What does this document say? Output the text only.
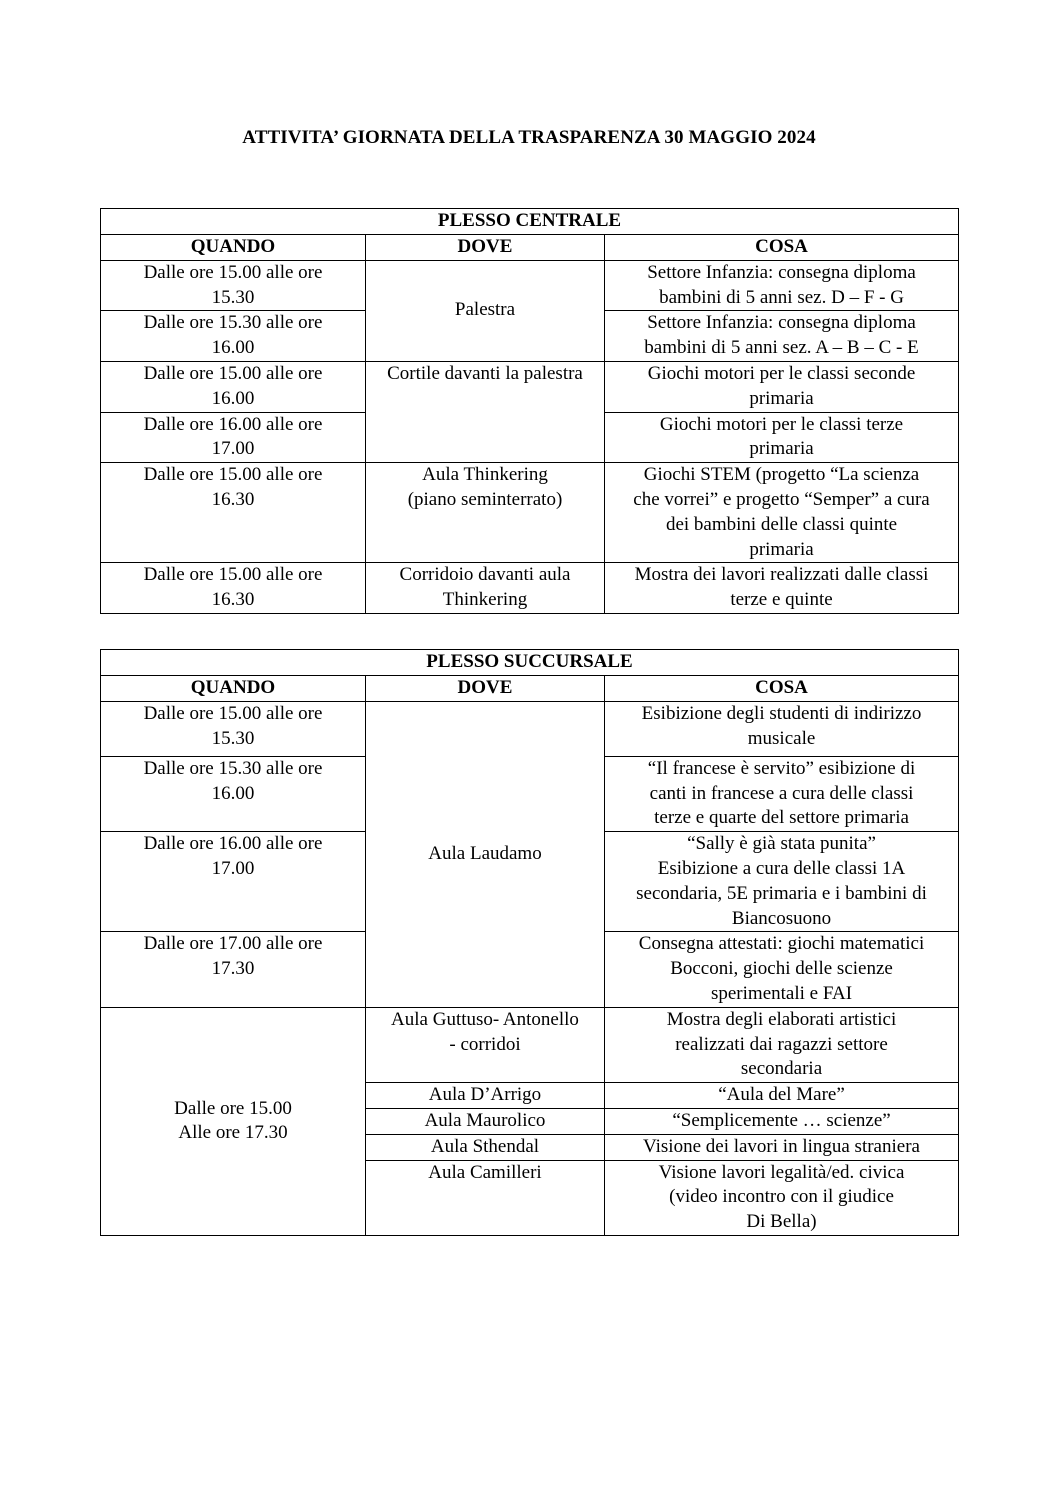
ATTIVITA’ GIORNATA DELLA TRASPARENZA 30 MAGGIO 2024
PLESSO CENTRALE		
QUANDO	DOVE	COSA

Dalle ore 15.00 alle ore
15.30	Palestra	Settore Infanzia: consegna diploma
bambini di 5 anni sez. D – F - G

Dalle ore 15.30 alle ore
16.00		Settore Infanzia: consegna diploma
bambini di 5 anni sez. A – B – C - E

Dalle ore 15.00 alle ore
16.00	Cortile davanti la palestra	Giochi motori per le classi seconde
primaria

Dalle ore 16.00 alle ore
17.00		Giochi motori per le classi terze
primaria

Dalle ore 15.00 alle ore
16.30	Aula Thinkering
(piano seminterrato)	Giochi STEM (progetto “La scienza
che vorrei” e progetto “Semper” a cura
dei bambini delle classi quinte
primaria

Dalle ore 15.00 alle ore
16.30	Corridoio davanti aula
Thinkering	Mostra dei lavori realizzati dalle classi
terze e quinte
PLESSO SUCCURSALE		
QUANDO	DOVE	COSA

Dalle ore 15.00 alle ore
15.30	Aula Laudamo	Esibizione degli studenti di indirizzo
musicale

Dalle ore 15.30 alle ore
16.00		“Il francese è servito” esibizione di
canti in francese a cura delle classi
terze e quarte del settore primaria

Dalle ore 16.00 alle ore
17.00		“Sally è già stata punita”
Esibizione a cura delle classi 1A
secondaria, 5E primaria e i bambini di
Biancosuono

Dalle ore 17.00 alle ore
17.30		Consegna attestati: giochi matematici
Bocconi, giochi delle scienze
sperimentali e FAI

Dalle ore 15.00
Alle ore 17.30	Aula Guttuso- Antonello
- corridoi	Mostra degli elaborati artistici
realizzati dai ragazzi settore
secondaria

	Aula D’Arrigo	“Aula del Mare”

	Aula Maurolico	“Semplicemente … scienze”

	Aula Sthendal	Visione dei lavori in lingua straniera

	Aula Camilleri	Visione lavori legalità/ed. civica
(video incontro con il giudice
Di Bella)
